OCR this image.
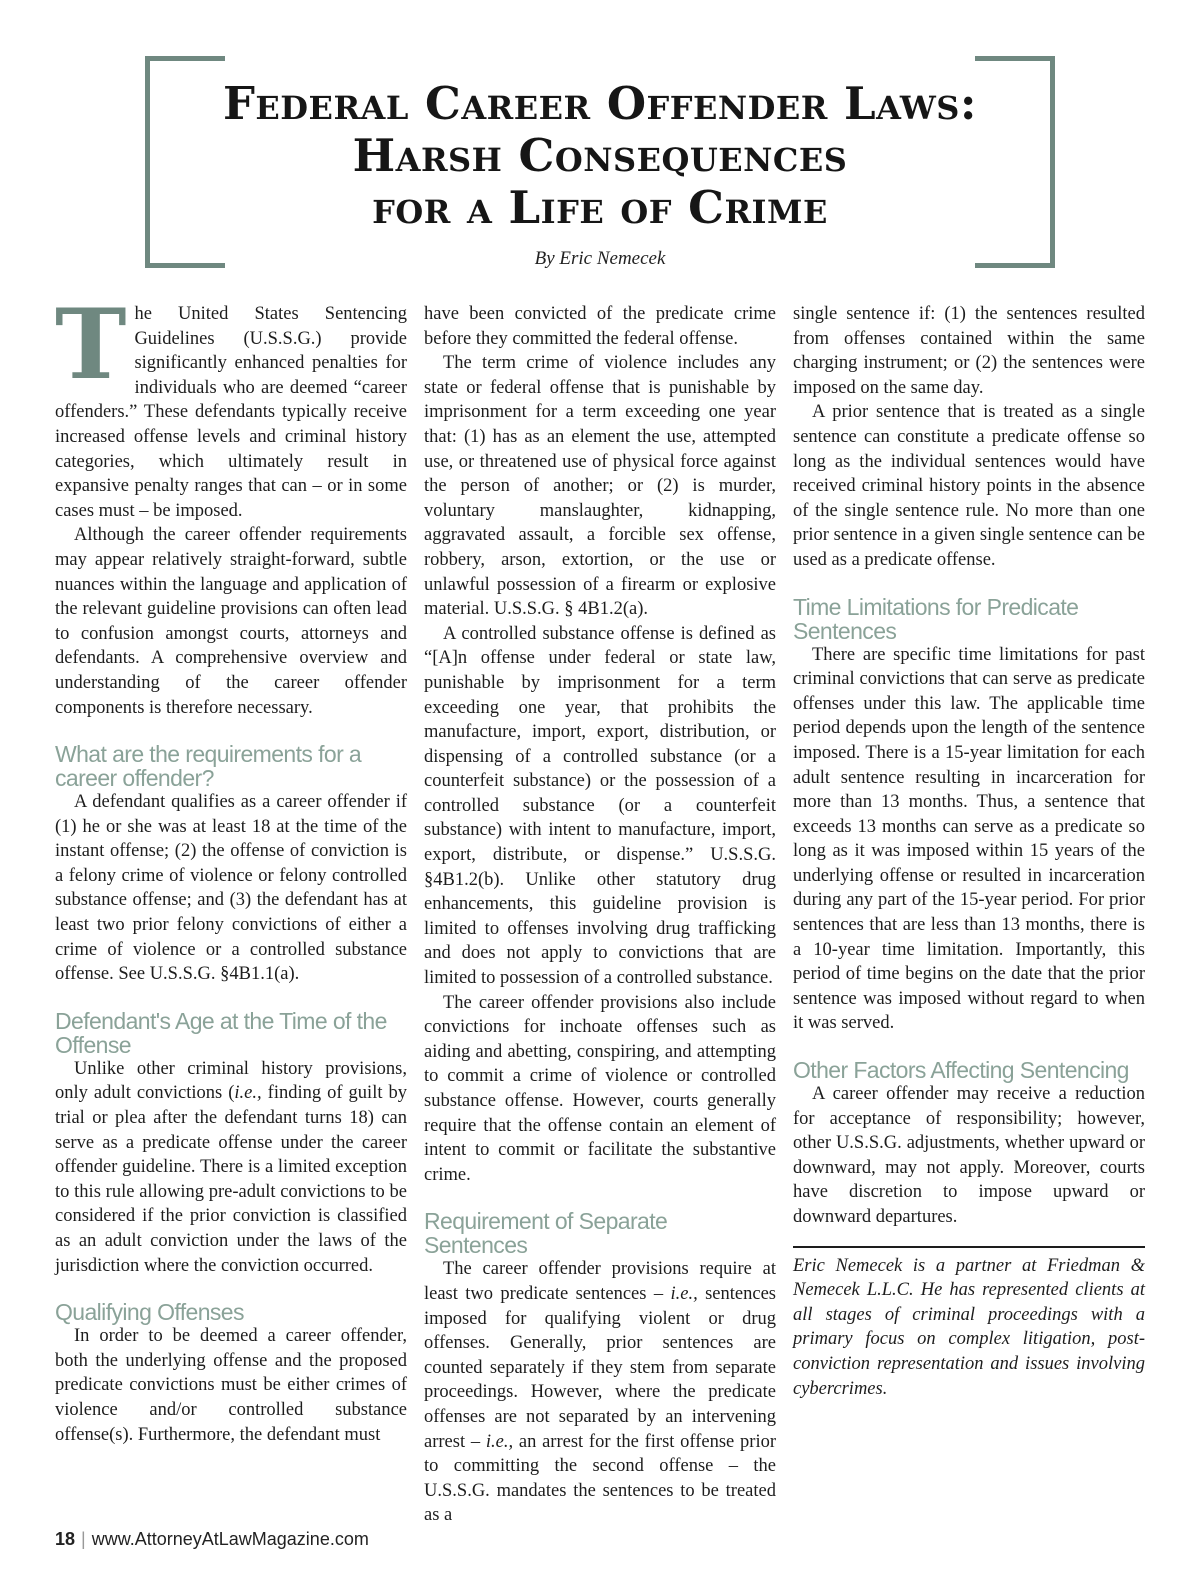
Federal Career Offender Laws:
Harsh Consequences
for a Life of Crime
By Eric Nemecek

The United States Sentencing Guidelines (U.S.S.G.) provide significantly enhanced penalties for individuals who are deemed “career offenders.” These defendants typically receive increased offense levels and criminal history categories, which ultimately result in expansive penalty ranges that can – or in some cases must – be imposed.

Although the career offender requirements may appear relatively straight-forward, subtle nuances within the language and application of the relevant guideline provisions can often lead to confusion amongst courts, attorneys and defendants. A comprehensive overview and understanding of the career offender components is therefore necessary.

What are the requirements for a career offender?

A defendant qualifies as a career offender if (1) he or she was at least 18 at the time of the instant offense; (2) the offense of conviction is a felony crime of violence or felony controlled substance offense; and (3) the defendant has at least two prior felony convictions of either a crime of violence or a controlled substance offense. See U.S.S.G. §4B1.1(a).

Defendant's Age at the Time of the Offense

Unlike other criminal history provisions, only adult convictions (i.e., finding of guilt by trial or plea after the defendant turns 18) can serve as a predicate offense under the career offender guideline. There is a limited exception to this rule allowing pre-adult convictions to be considered if the prior conviction is classified as an adult conviction under the laws of the jurisdiction where the conviction occurred.

Qualifying Offenses

In order to be deemed a career offender, both the underlying offense and the proposed predicate convictions must be either crimes of violence and/or controlled substance offense(s). Furthermore, the defendant must

have been convicted of the predicate crime before they committed the federal offense.

The term crime of violence includes any state or federal offense that is punishable by imprisonment for a term exceeding one year that: (1) has as an element the use, attempted use, or threatened use of physical force against the person of another; or (2) is murder, voluntary manslaughter, kidnapping, aggravated assault, a forcible sex offense, robbery, arson, extortion, or the use or unlawful possession of a firearm or explosive material. U.S.S.G. § 4B1.2(a).

A controlled substance offense is defined as “[A]n offense under federal or state law, punishable by imprisonment for a term exceeding one year, that prohibits the manufacture, import, export, distribution, or dispensing of a controlled substance (or a counterfeit substance) or the possession of a controlled substance (or a counterfeit substance) with intent to manufacture, import, export, distribute, or dispense.” U.S.S.G. §4B1.2(b). Unlike other statutory drug enhancements, this guideline provision is limited to offenses involving drug trafficking and does not apply to convictions that are limited to possession of a controlled substance.

The career offender provisions also include convictions for inchoate offenses such as aiding and abetting, conspiring, and attempting to commit a crime of violence or controlled substance offense. However, courts generally require that the offense contain an element of intent to commit or facilitate the substantive crime.

Requirement of Separate Sentences

The career offender provisions require at least two predicate sentences – i.e., sentences imposed for qualifying violent or drug offenses. Generally, prior sentences are counted separately if they stem from separate proceedings. However, where the predicate offenses are not separated by an intervening arrest – i.e., an arrest for the first offense prior to committing the second offense – the U.S.S.G. mandates the sentences to be treated as a

single sentence if: (1) the sentences resulted from offenses contained within the same charging instrument; or (2) the sentences were imposed on the same day.

A prior sentence that is treated as a single sentence can constitute a predicate offense so long as the individual sentences would have received criminal history points in the absence of the single sentence rule. No more than one prior sentence in a given single sentence can be used as a predicate offense.

Time Limitations for Predicate Sentences

There are specific time limitations for past criminal convictions that can serve as predicate offenses under this law. The applicable time period depends upon the length of the sentence imposed. There is a 15-year limitation for each adult sentence resulting in incarceration for more than 13 months. Thus, a sentence that exceeds 13 months can serve as a predicate so long as it was imposed within 15 years of the underlying offense or resulted in incarceration during any part of the 15-year period. For prior sentences that are less than 13 months, there is a 10-year time limitation. Importantly, this period of time begins on the date that the prior sentence was imposed without regard to when it was served.

Other Factors Affecting Sentencing

A career offender may receive a reduction for acceptance of responsibility; however, other U.S.S.G. adjustments, whether upward or downward, may not apply. Moreover, courts have discretion to impose upward or downward departures.

Eric Nemecek is a partner at Friedman & Nemecek L.L.C. He has represented clients at all stages of criminal proceedings with a primary focus on complex litigation, post-conviction representation and issues involving cybercrimes.

18 | www.AttorneyAtLawMagazine.com
